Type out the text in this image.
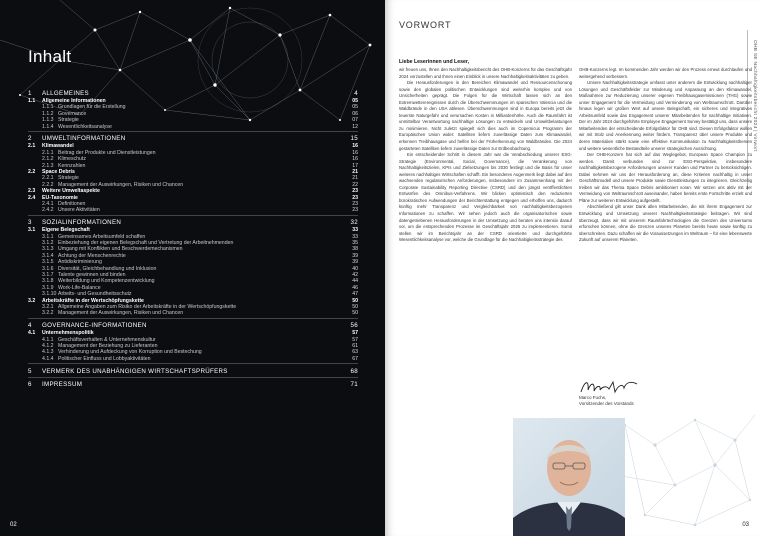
Inhalt
1 ALLGEMEINES	4
1.1 Allgemeine Informationen	05
1.1.1 Grundlagen für die Erstellung	05
1.1.2 Governance	06
1.1.3 Strategie	07
1.1.4 Wesentlichkeitsanalyse	12
2 UMWELTINFORMATIONEN	15
2.1 Klimawandel	16
2.1.1 Beitrag der Produkte und Dienstleistungen	16
2.1.2 Klimeschutz	16
2.1.3 Kennzahlen	17
2.2 Space Debris	21
2.2.1 Strategie	21
2.2.2 Management der Auswirkungen, Risiken und Chancen	22
2.3 Weitere Umweltaspekte	23
2.4 EU-Taxonomie	23
2.4.1 Definitionen	23
2.4.2 Unsere Aktivitäten	23
3 SOZIALINFORMATIONEN	32
3.1 Eigene Belegschaft	33
3.1.1 Gemeinsames Arbeitsumfeld schaffen	33
3.1.2 Einbeziehung der eigenen Belegschaft und Vertretung der Arbeitnehmenden	35
3.1.3 Umgang mit Konflikten und Beschwerdemechanismen	38
3.1.4 Achtung der Menschenrechte	39
3.1.5 Antidiskriminierung	39
3.1.6 Diversität, Gleichbehandlung und Inklusion	40
3.1.7 Talente gewinnen und binden	42
3.1.8 Weiterbildung und Kompetenzentwicklung	44
3.1.9 Work-Life-Balance	46
3.1.10 Arbeits- und Gesundheitsschutz	47
3.2 Arbeitskräfte in der Wertschöpfungskette	50
3.2.1 Allgemeine Angaben zum Risiko der Arbeitskräfte in der Wertschöpfungskette	50
3.2.2 Management der Auswirkungen, Risiken und Chancen	50
4 GOVERNANCE-INFORMATIONEN	56
4.1 Unternehmenspolitik	57
4.1.1 Geschäftsverhalten & Unternehmenskultur	57
4.1.2 Management der Beziehung zu Lieferanten	61
4.1.3 Verhinderung und Aufdeckung von Korruption und Bestechung	63
4.1.4 Politischer Einfluss und Lobbyaktivitäten	67
5 VERMERK DES UNABHÄNGIGEN WIRTSCHAFTSPRÜFERS	68
6 IMPRESSUM	71
02
VORWORT
OHB SE Nachhaltigkeitsbericht 2024 | Vorwort
Liebe Leserinnen und Leser,

wir freuen uns, Ihnen den Nachhaltigkeitsbericht des OHB-Konzerns für das Geschäftsjahr 2024 vorzustellen und Ihnen einen Einblick in unsere Nachhaltigkeitsaktivitäten zu geben.

Die Herausforderungen in den Bereichen Klimawandel und Ressourcenschonung sowie den globalen politischen Entwicklungen sind weiterhin komplex und von Unsicherheiten geprägt. Die Folgen für die Wirtschaft lassen sich an den Extremwetterereignissen durch die Überschwemmungen im spanischen Valencia und die Waldbrände in den USA ablesen. Überschwemmungen sind in Europa bereits jetzt die teuerste Naturgefahr und verursachen Kosten in Milliardenhöhe. Auch die Raumfahrt ist unmittelbar Verantwortung nachhaltige Lösungen zu entwickeln und Umweltbelastungen zu minimieren. Nicht zuletzt spiegelt sich dies auch im Copernicus Programm der Europäischen Union wider: Satelliten liefern zuverlässige Daten zum Klimawandel, erkennen Treibhausgase und helfen bei der Früherkennung von Waldbränden. Die 2024 gestarteten Satelliten liefern zuverlässige Daten zur Erdbeobachtung.

Ein entscheidender Schritt in diesem Jahr war die Verabschiedung unserer ESG-Strategie (Environmental, Social, Governance), die Verankerung von Nachhaltigkeitszielen, KPIs und Zielsetzungen bis 2030 festlegt und die Basis für unser weiteres nachhaltiges Wirtschaften schafft. Ein besonderes Augenmerk liegt dabei auf den wachsenden regulatorischen Anforderungen, insbesondere im Zusammenhang mit der Corporate Sustainability Reporting Directive (CSRD) und den jüngst veröffentlichten Entwürfen des Omnibus-Verfahrens. Wir blicken optimistisch den reduzierten bürokratischen Aufwendungen der Berichterstattung entgegen und erhoffen uns, dadurch künftig mehr Transparenz und Vergleichbarkeit von nachhaltigkeitsbezogenen Informationen zu schaffen. Wir sehen jedoch auch die organisatorischen sowie datengetriebenen Herausforderungen in der Umsetzung und beraten uns intensiv darauf vor, um die entsprechenden Prozesse im Geschäftsjahr 2025 zu implementieren. Somit stellen wir im Berichtsjahr an der CSRD orientierte und durchgeführte Wesentlichkeitsanalyse vor, welche die Grundlage für die Nachhaltigkeitsstrategie des

OHB-Konzerns legt. Im kommenden Jahr werden wir den Prozess erneut durchlaufen und weitergehend verbessern.

Unsere Nachhaltigkeitsstrategie umfasst unter anderem die Entwicklung nachhaltiger Lösungen und Geschäftsfelder zur Minderung und Anpassung an den Klimawandel, Maßnahmen zur Reduzierung unserer eigenen Treibhausgasemissionen (THG) sowie unser Engagement für die Vermeidung und Verminderung von Weltraumschrott. Darüber hinaus legen wir großen Wert auf unsere Belegschaft, ein sicheres und integratives Arbeitsumfeld sowie das Engagement unserer Mitarbeitenden für nachhaltige Initiativen. Der im Jahr 2024 durchgeführte Employee Engagement Survey bestätigt uns, dass unsere Mitarbeitenden der entscheidende Erfolgsfaktor für OHB sind. Diesen Erfolgsfaktor wollen wir mit Stolz und Anerkennung weiter fördern. Transparenz über unsere Produkte und deren Materialien stärkt sowie eine effektive Kommunikation zu Nachhaltigkeitsthemen und weitere wesentliche Bestandteile unserer strategischen Ausrichtung.

Der OHB-Konzern hat sich auf das Weglegebot, European Space Champion zu werden. Damit verbunden sind zur ESG-Perspektive, insbesondere nachhaltigkeitsbezogene Anforderungen unserer Kunden und Partner zu berücksichtigen. Dabei nehmen wir uns der Herausforderung an, diese Kriterien nachhaltig in unser Geschäftsmodell und unsere Produkte sowie Dienstleistungen zu integrieren. Gleichzeitig treiben wir das Thema Space Debris ambitioniert voran. Wir setzen uns aktiv mit der Vermeidung von Weltraumschrott auseinander, haben bereits erste Fortschritte erzielt und Pläne zur weiteren Entwicklung aufgestellt.

Abschließend gilt unser Dank allen Mitarbeitenden, die mit ihrem Engagement zur Entwicklung und Umsetzung unserer Nachhaltigkeitsstrategie beitragen. Wir sind überzeugt, dass wir mit unserem Raumfahrtechnologien die Grenzen des Universums erforschen können, ohne die Grenzen unseres Planeten bereits heute sowie künftig zu überschreiten. Dazu schaffen wir die Voraussetzungen im Weltraum – für eine lebenswerte Zukunft auf unserem Planeten.

Marco Fuchs,
Vorsitzender des Vorstands
03
